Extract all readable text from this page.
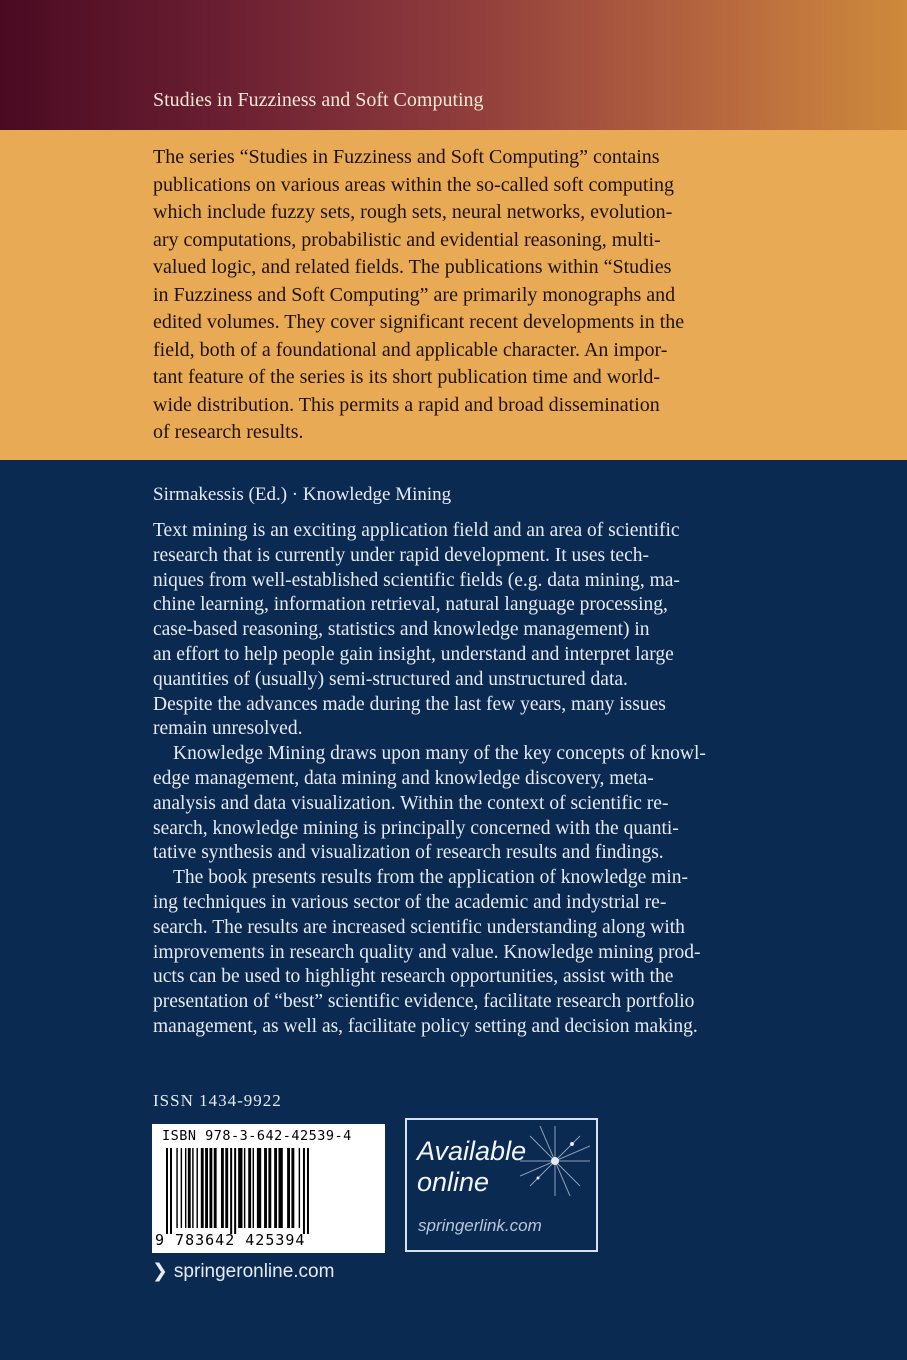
Studies in Fuzziness and Soft Computing

The series “Studies in Fuzziness and Soft Computing” contains
publications on various areas within the so-called soft computing
which include fuzzy sets, rough sets, neural networks, evolution-
ary computations, probabilistic and evidential reasoning, multi-
valued logic, and related fields. The publications within “Studies
in Fuzziness and Soft Computing” are primarily monographs and
edited volumes. They cover significant recent developments in the
field, both of a foundational and applicable character. An impor-
tant feature of the series is its short publication time and world-
wide distribution. This permits a rapid and broad dissemination
of research results.

Sirmakessis (Ed.) · Knowledge Mining
Text mining is an exciting application field and an area of scientific
research that is currently under rapid development. It uses tech-
niques from well-established scientific fields (e.g. data mining, ma-
chine learning, information retrieval, natural language processing,
case-based reasoning, statistics and knowledge management) in
an effort to help people gain insight, understand and interpret large
quantities of (usually) semi-structured and unstructured data.
Despite the advances made during the last few years, many issues
remain unresolved.
Knowledge Mining draws upon many of the key concepts of knowl-
edge management, data mining and knowledge discovery, meta-
analysis and data visualization. Within the context of scientific re-
search, knowledge mining is principally concerned with the quanti-
tative synthesis and visualization of research results and findings.
The book presents results from the application of knowledge min-
ing techniques in various sector of the academic and indystrial re-
search. The results are increased scientific understanding along with
improvements in research quality and value. Knowledge mining prod-
ucts can be used to highlight research opportunities, assist with the
presentation of “best” scientific evidence, facilitate research portfolio
management, as well as, facilitate policy setting and decision making.
ISSN 1434-9922
ISBN 978-3-642-42539-4
9 783642 425394
Available
online
springerlink.com
❯ springeronline.com
